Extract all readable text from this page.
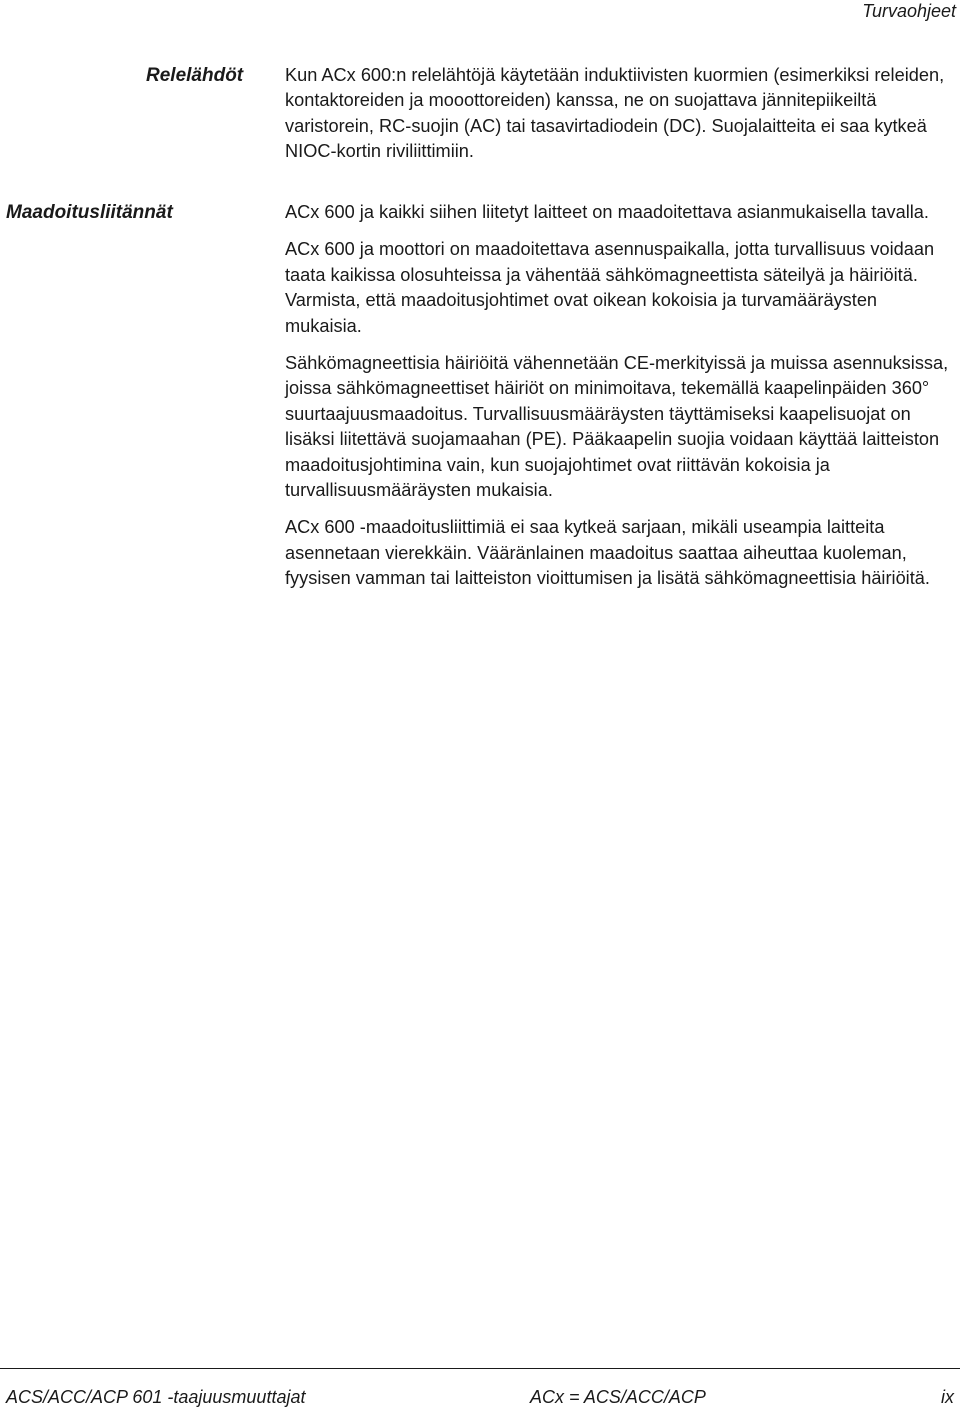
Turvaohjeet
Relelähdöt Kun ACx 600:n relelähtöjä käytetään induktiivisten kuormien (esimerkiksi releiden, kontaktoreiden ja mooottoreiden) kanssa, ne on suojattava jännitepiikeiltä varistorein, RC-suojin (AC) tai tasavirtadiodein (DC). Suojalaitteita ei saa kytkeä NIOC-kortin riviliittimiin.

Maadoitusliitännät	ACx 600 ja kaikki siihen liitetyt laitteet on maadoitettava asianmukaisella tavalla.

ACx 600 ja moottori on maadoitettava asennuspaikalla, jotta turvallisuus voidaan taata kaikissa olosuhteissa ja vähentää sähkömagneettista säteilyä ja häiriöitä. Varmista, että maadoitusjohtimet ovat oikean kokoisia ja turvamääräysten mukaisia.

Sähkömagneettisia häiriöitä vähennetään CE-merkityissä ja muissa asennuksissa, joissa sähkömagneettiset häiriöt on minimoitava, tekemällä kaapelinpäiden 360° suurtaajuusmaadoitus. Turvallisuusmääräysten täyttämiseksi kaapelisuojat on lisäksi liitettävä suojamaahan (PE). Pääkaapelin suojia voidaan käyttää laitteiston maadoitusjohtimina vain, kun suojajohtimet ovat riittävän kokoisia ja turvallisuusmääräysten mukaisia.

ACx 600 -maadoitusliittimiä ei saa kytkeä sarjaan, mikäli useampia laitteita asennetaan vierekkäin. Vääränlainen maadoitus saattaa aiheuttaa kuoleman, fyysisen vamman tai laitteiston vioittumisen ja lisätä sähkömagneettisia häiriöitä.

ACS/ACC/ACP 601 -taajuusmuuttajat	ACx = ACS/ACC/ACP	ix
